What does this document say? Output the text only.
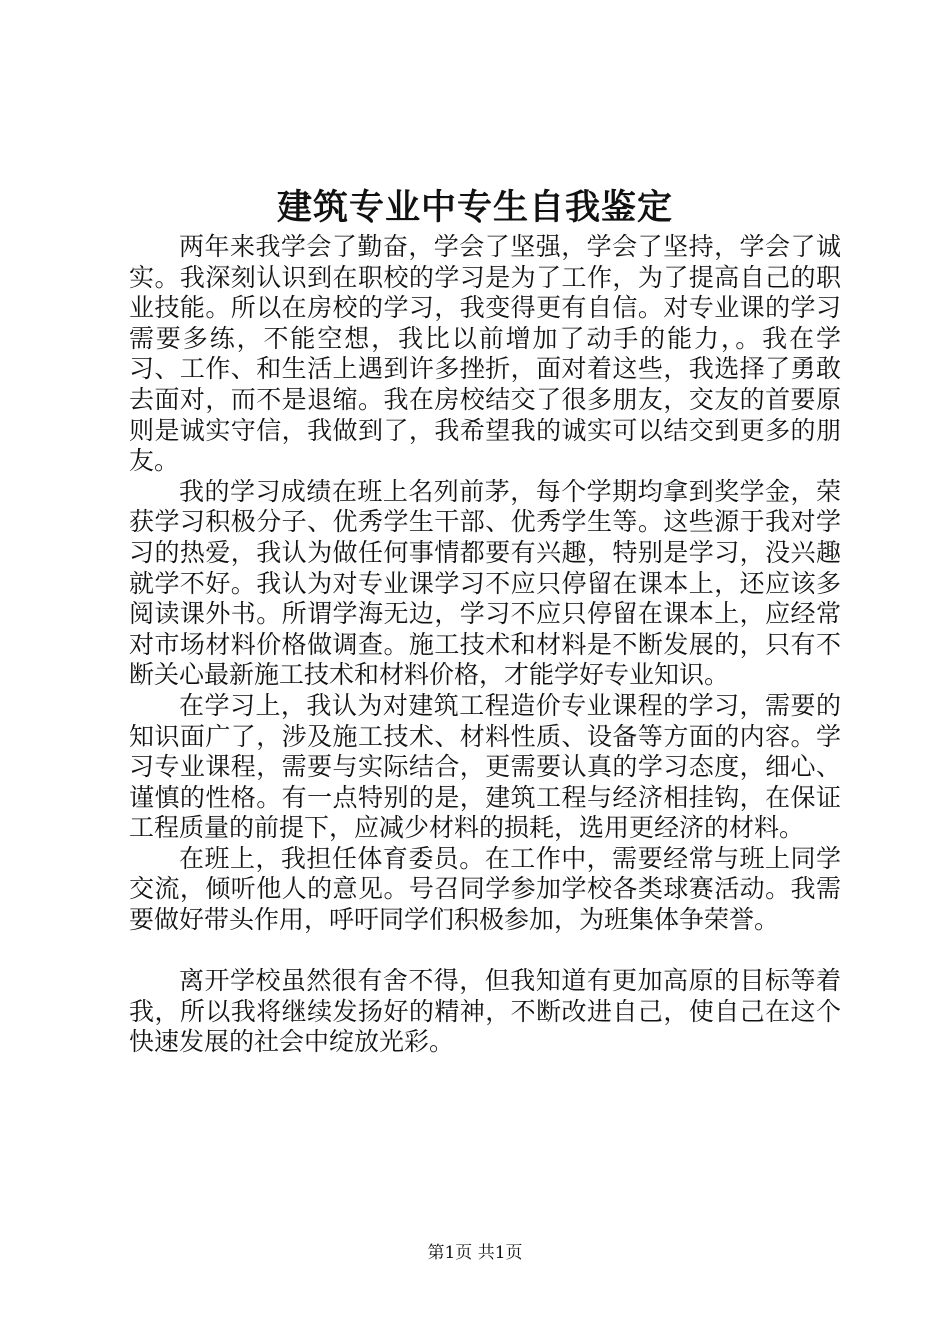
建筑专业中专生自我鉴定

两年来我学会了勤奋，学会了坚强，学会了坚持，学会了诚实。我深刻认识到在职校的学习是为了工作，为了提高自己的职业技能。所以在房校的学习，我变得更有自信。对专业课的学习需要多练，不能空想，我比以前增加了动手的能力，。我在学习、工作、和生活上遇到许多挫折，面对着这些，我选择了勇敢去面对，而不是退缩。我在房校结交了很多朋友，交友的首要原则是诚实守信，我做到了，我希望我的诚实可以结交到更多的朋友。

我的学习成绩在班上名列前茅，每个学期均拿到奖学金，荣获学习积极分子、优秀学生干部、优秀学生等。这些源于我对学习的热爱，我认为做任何事情都要有兴趣，特别是学习，没兴趣就学不好。我认为对专业课学习不应只停留在课本上，还应该多阅读课外书。所谓学海无边，学习不应只停留在课本上，应经常对市场材料价格做调查。施工技术和材料是不断发展的，只有不断关心最新施工技术和材料价格，才能学好专业知识。

在学习上，我认为对建筑工程造价专业课程的学习，需要的知识面广了，涉及施工技术、材料性质、设备等方面的内容。学习专业课程，需要与实际结合，更需要认真的学习态度，细心、谨慎的性格。有一点特别的是，建筑工程与经济相挂钩，在保证工程质量的前提下，应减少材料的损耗，选用更经济的材料。

在班上，我担任体育委员。在工作中，需要经常与班上同学交流，倾听他人的意见。号召同学参加学校各类球赛活动。我需要做好带头作用，呼吁同学们积极参加，为班集体争荣誉。

离开学校虽然很有舍不得，但我知道有更加高原的目标等着我，所以我将继续发扬好的精神，不断改进自己，使自己在这个快速发展的社会中绽放光彩。

第1页 共1页
